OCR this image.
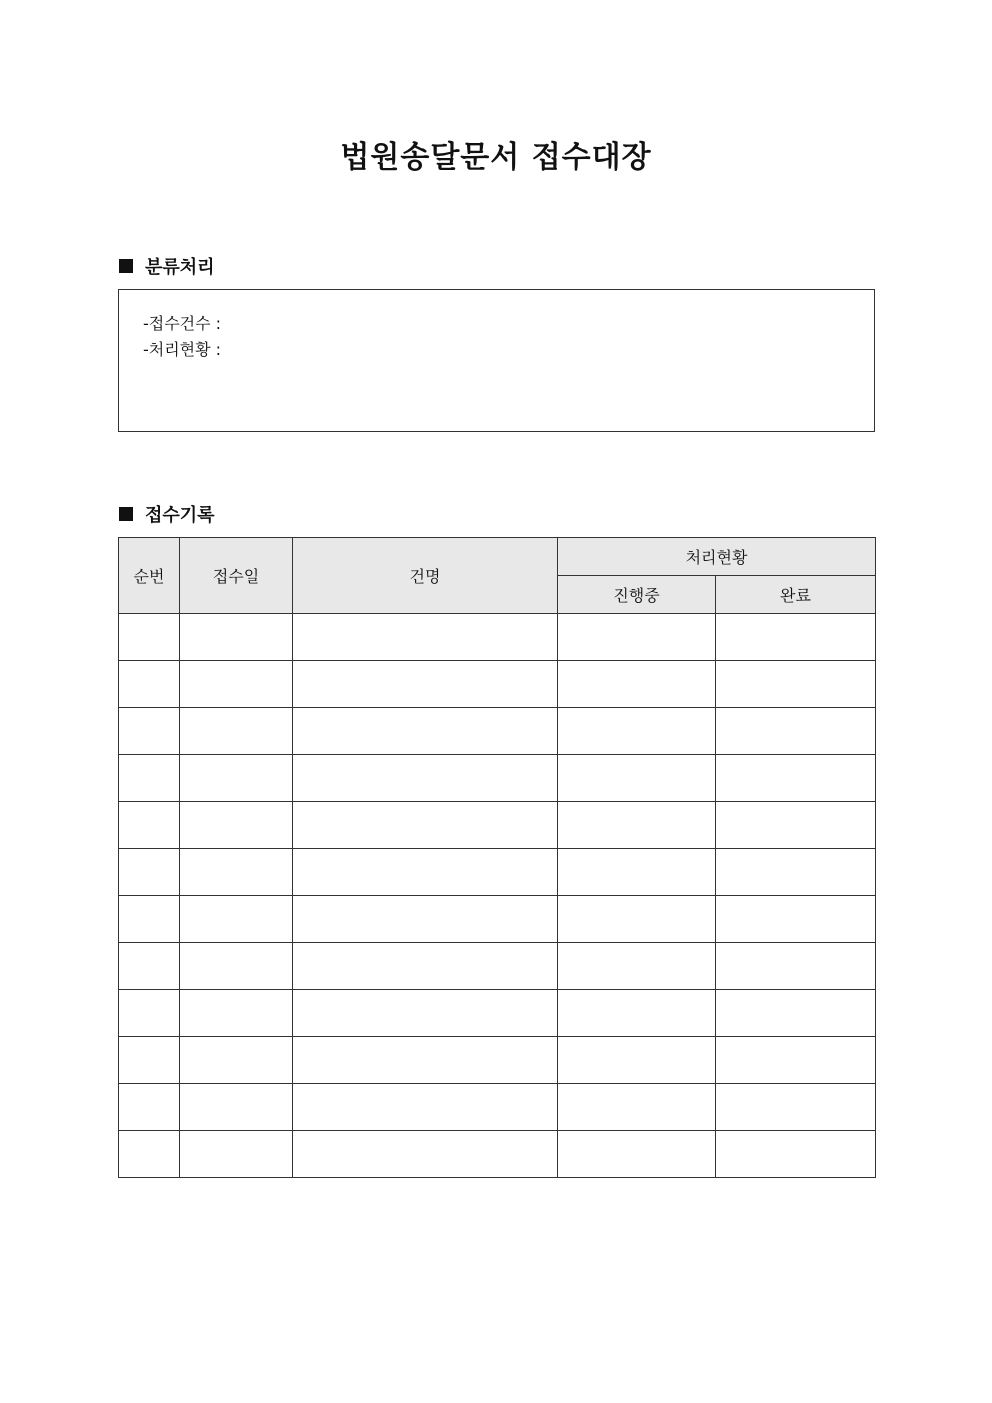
법원송달문서 접수대장
분류처리
-접수건수 :
-처리현황 :
접수기록
순번	접수일	건명	처리현황	
			진행중	완료
